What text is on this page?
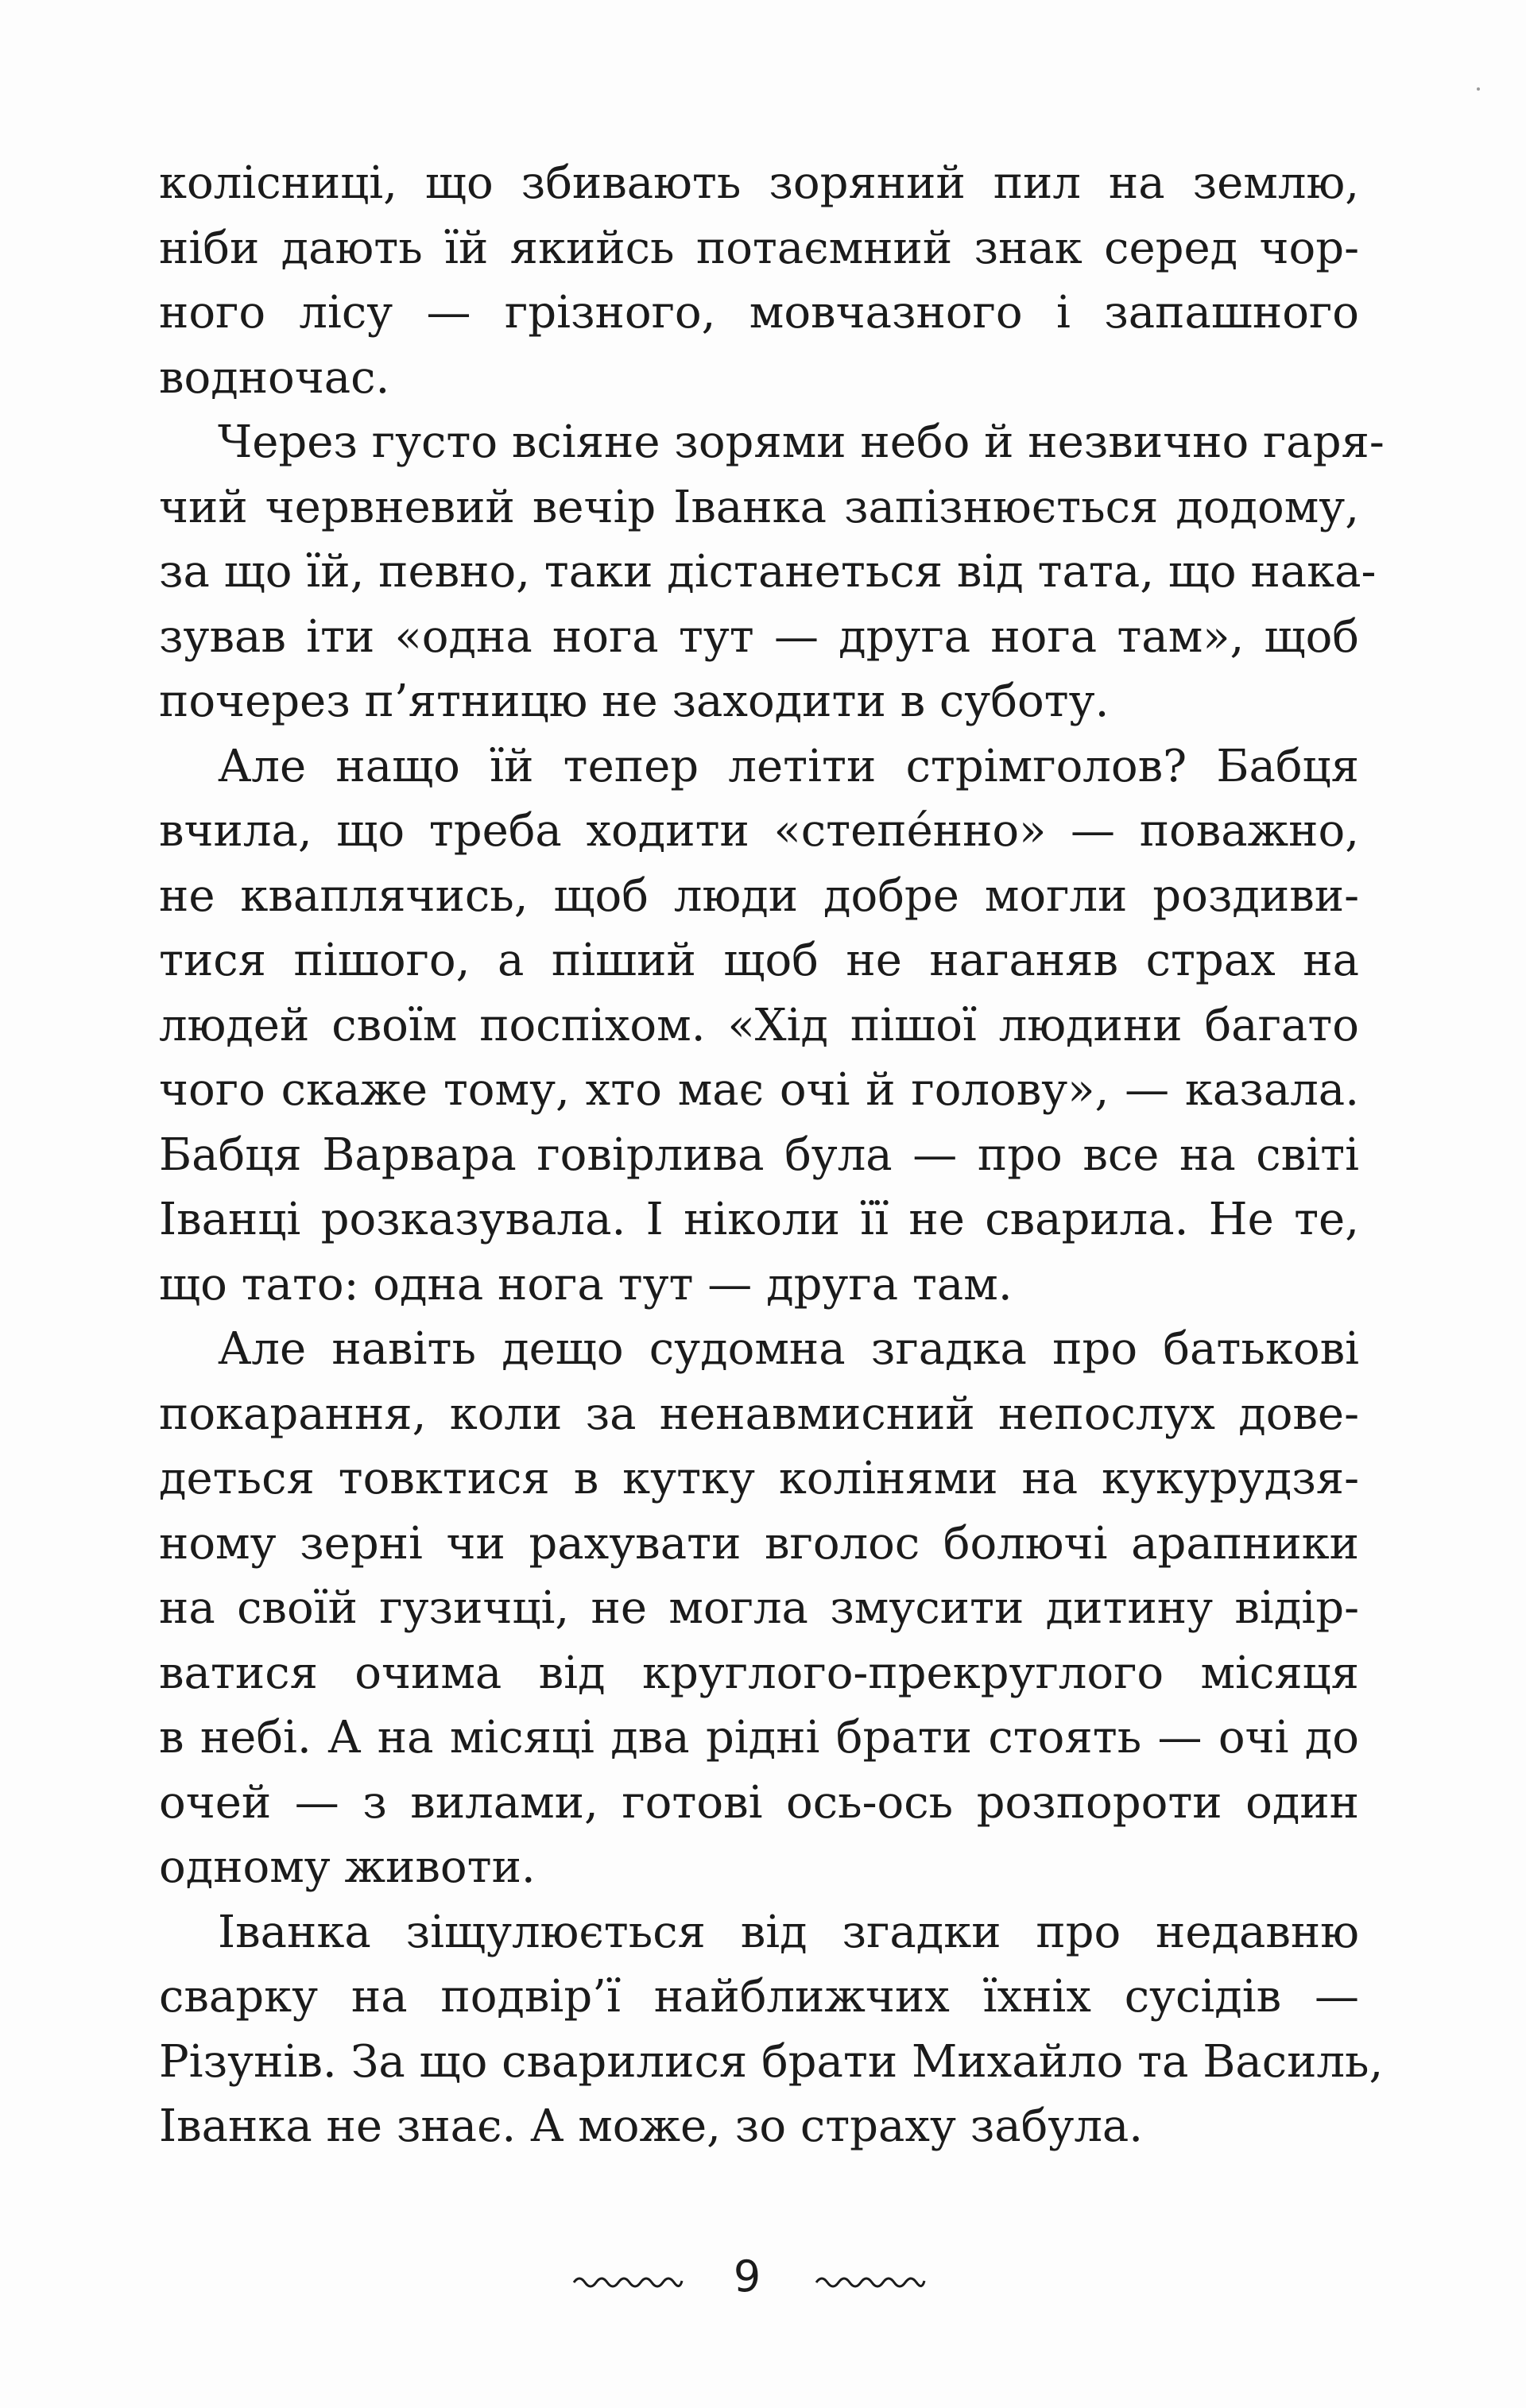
колісниці, що збивають зоряний пил на землю,
ніби дають їй якийсь потаємний знак серед чор-
ного лісу — грізного, мовчазного і запашного
водночас.
Через густо всіяне зорями небо й незвично гаря-
чий червневий вечір Іванка запізнюється додому,
за що їй, певно, таки дістанеться від тата, що нака-
зував іти «одна нога тут — друга нога там», щоб
почерез п’ятницю не заходити в суботу.
Але нащо їй тепер летіти стрімголов? Бабця
вчила, що треба ходити «степе́нно» — поважно,
не кваплячись, щоб люди добре могли роздиви-
тися пішого, а піший щоб не наганяв страх на
людей своїм поспіхом. «Хід пішої людини багато
чого скаже тому, хто має очі й голову», — казала.
Бабця Варвара говірлива була — про все на світі
Іванці розказувала. І ніколи її не сварила. Не те,
що тато: одна нога тут — друга там.
Але навіть дещо судомна згадка про батькові
покарання, коли за ненавмисний непослух дове-
деться товктися в кутку колінями на кукурудзя-
ному зерні чи рахувати вголос болючі арапники
на своїй гузичці, не могла змусити дитину відір-
ватися очима від круглого-прекруглого місяця
в небі. А на місяці два рідні брати стоять — очі до
очей — з вилами, готові ось-ось розпороти один
одному животи.
Іванка зіщулюється від згадки про недавню
сварку на подвір’ї найближчих їхніх сусідів —
Різунів. За що сварилися брати Михайло та Василь,
Іванка не знає. А може, зо страху забула.
9
